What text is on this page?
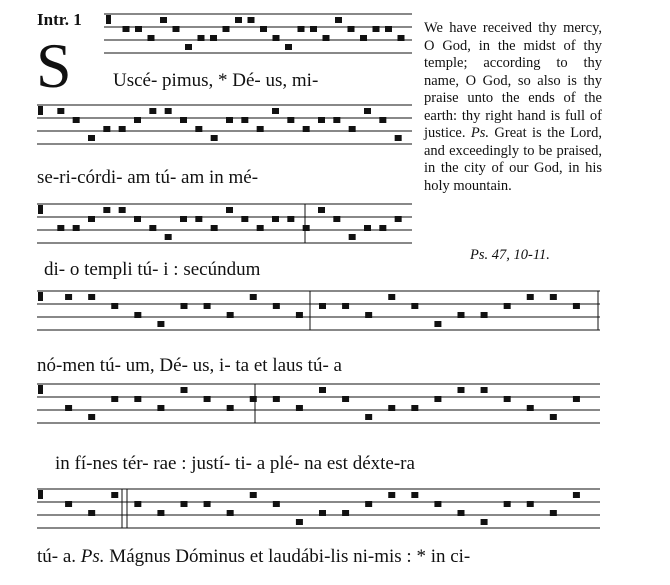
Intr. 1
S Uscé- pimus, * Dé- us, mi-
se-ri-córdi- am tú- am in mé-
di- o templi tú- i : secúndum
nó-men tú- um, Dé- us, i- ta et laus tú- a
in fí-nes tér- rae : justí- ti- a plé- na est déxte-ra
tú- a. Ps. Mágnus Dóminus et laudábi-lis ni-mis : * in ci-
We have received thy mercy, O God, in the midst of thy temple; according to thy name, O God, so also is thy praise unto the ends of the earth: thy right hand is full of justice. Ps. Great is the Lord, and exceedingly to be praised, in the city of our God, in his holy mountain.
Ps. 47, 10-11.
